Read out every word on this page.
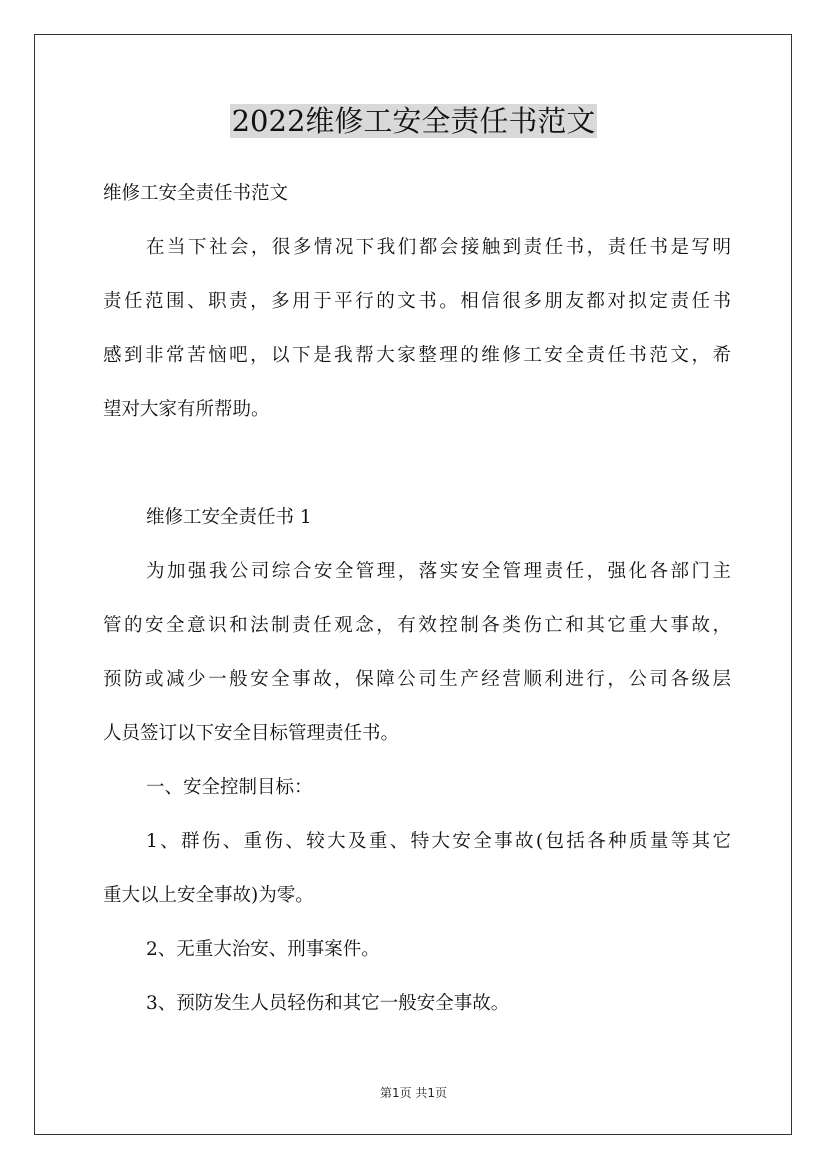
2022维修工安全责任书范文
维修工安全责任书范文
在当下社会，很多情况下我们都会接触到责任书，责任书是写明
责任范围、职责，多用于平行的文书。相信很多朋友都对拟定责任书
感到非常苦恼吧，以下是我帮大家整理的维修工安全责任书范文，希
望对大家有所帮助。
维修工安全责任书 1
为加强我公司综合安全管理，落实安全管理责任，强化各部门主
管的安全意识和法制责任观念，有效控制各类伤亡和其它重大事故，
预防或减少一般安全事故，保障公司生产经营顺利进行，公司各级层
人员签订以下安全目标管理责任书。
一、安全控制目标：
1、群伤、重伤、较大及重、特大安全事故(包括各种质量等其它
重大以上安全事故)为零。
2、无重大治安、刑事案件。
3、预防发生人员轻伤和其它一般安全事故。
第1页 共1页
